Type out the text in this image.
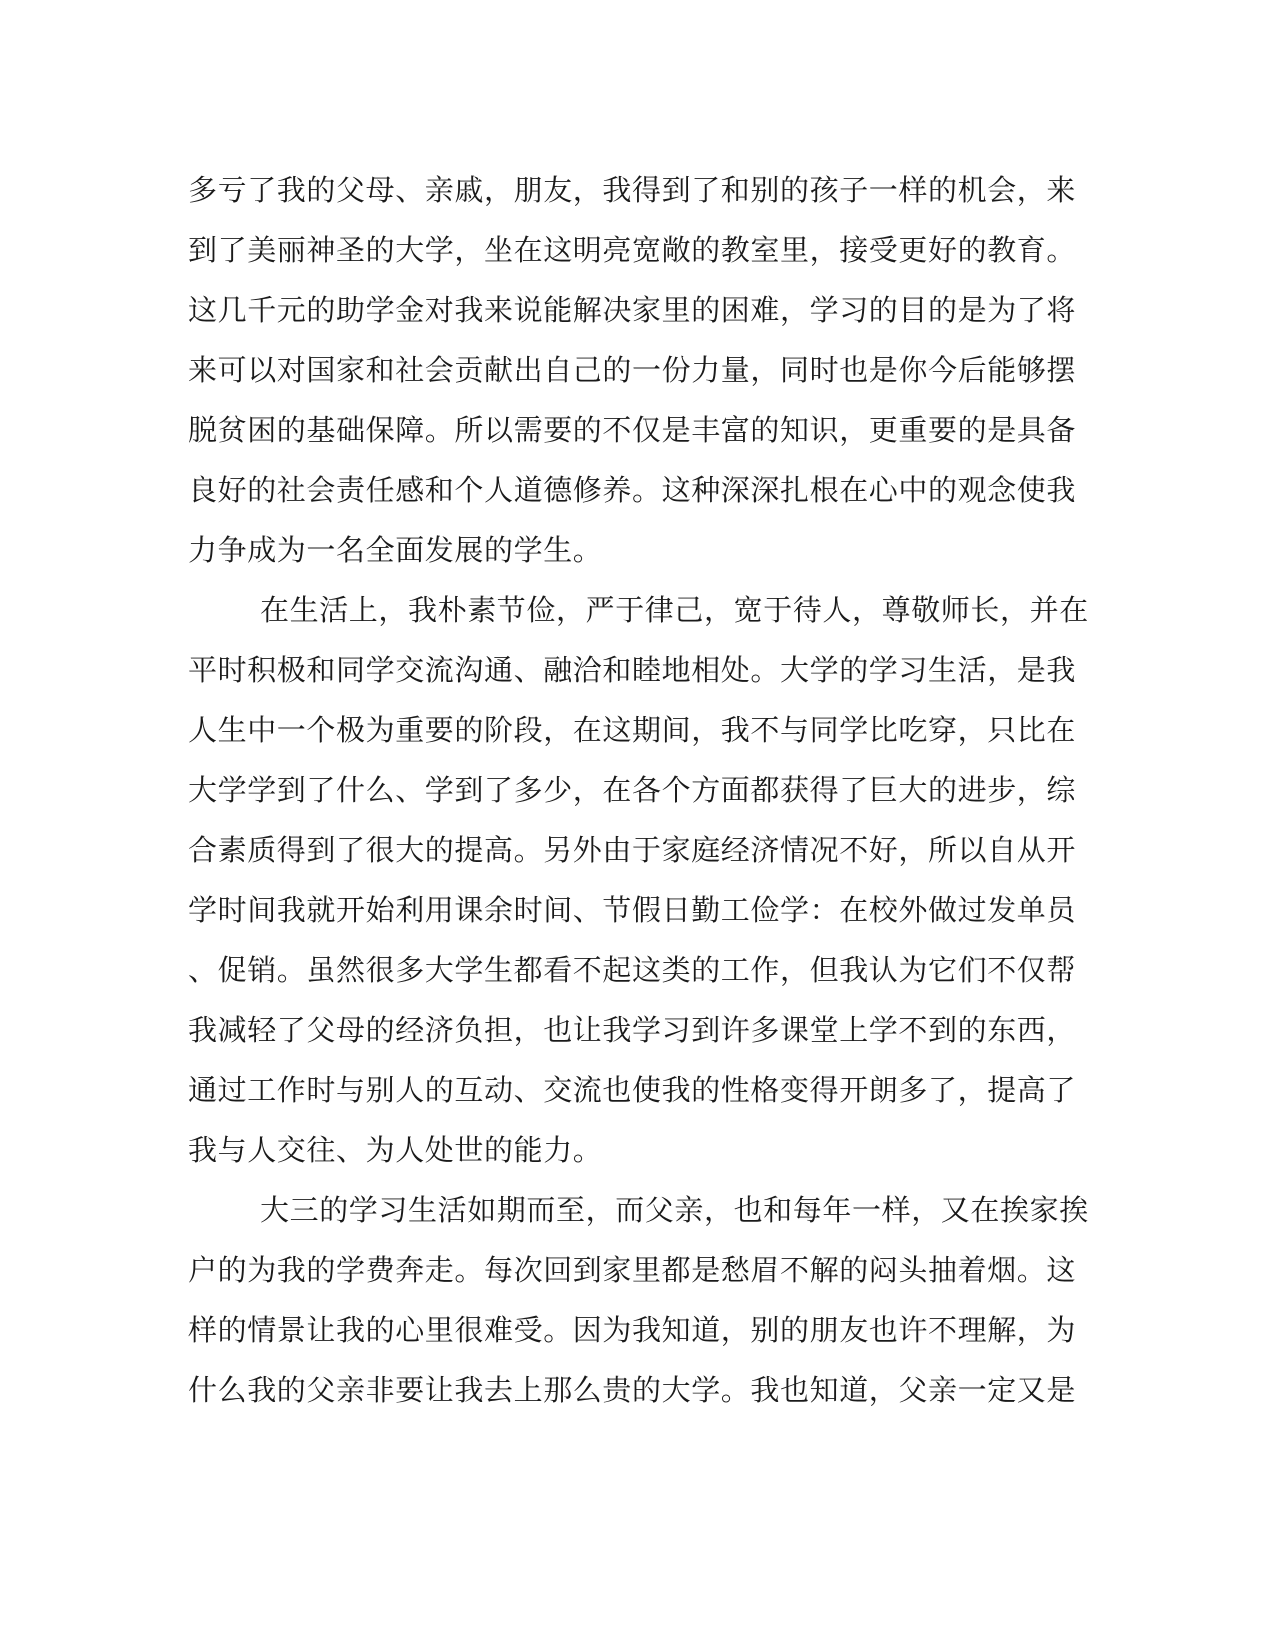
多亏了我的父母、亲戚，朋友，我得到了和别的孩子一样的机会，来
到了美丽神圣的大学，坐在这明亮宽敞的教室里，接受更好的教育。
这几千元的助学金对我来说能解决家里的困难，学习的目的是为了将
来可以对国家和社会贡献出自己的一份力量，同时也是你今后能够摆
脱贫困的基础保障。所以需要的不仅是丰富的知识，更重要的是具备
良好的社会责任感和个人道德修养。这种深深扎根在心中的观念使我
力争成为一名全面发展的学生。
在生活上，我朴素节俭，严于律己，宽于待人，尊敬师长，并在
平时积极和同学交流沟通、融洽和睦地相处。大学的学习生活，是我
人生中一个极为重要的阶段，在这期间，我不与同学比吃穿，只比在
大学学到了什么、学到了多少，在各个方面都获得了巨大的进步，综
合素质得到了很大的提高。另外由于家庭经济情况不好，所以自从开
学时间我就开始利用课余时间、节假日勤工俭学：在校外做过发单员
、促销。虽然很多大学生都看不起这类的工作，但我认为它们不仅帮
我减轻了父母的经济负担，也让我学习到许多课堂上学不到的东西，
通过工作时与别人的互动、交流也使我的性格变得开朗多了，提高了
我与人交往、为人处世的能力。
大三的学习生活如期而至，而父亲，也和每年一样，又在挨家挨
户的为我的学费奔走。每次回到家里都是愁眉不解的闷头抽着烟。这
样的情景让我的心里很难受。因为我知道，别的朋友也许不理解，为
什么我的父亲非要让我去上那么贵的大学。我也知道，父亲一定又是
